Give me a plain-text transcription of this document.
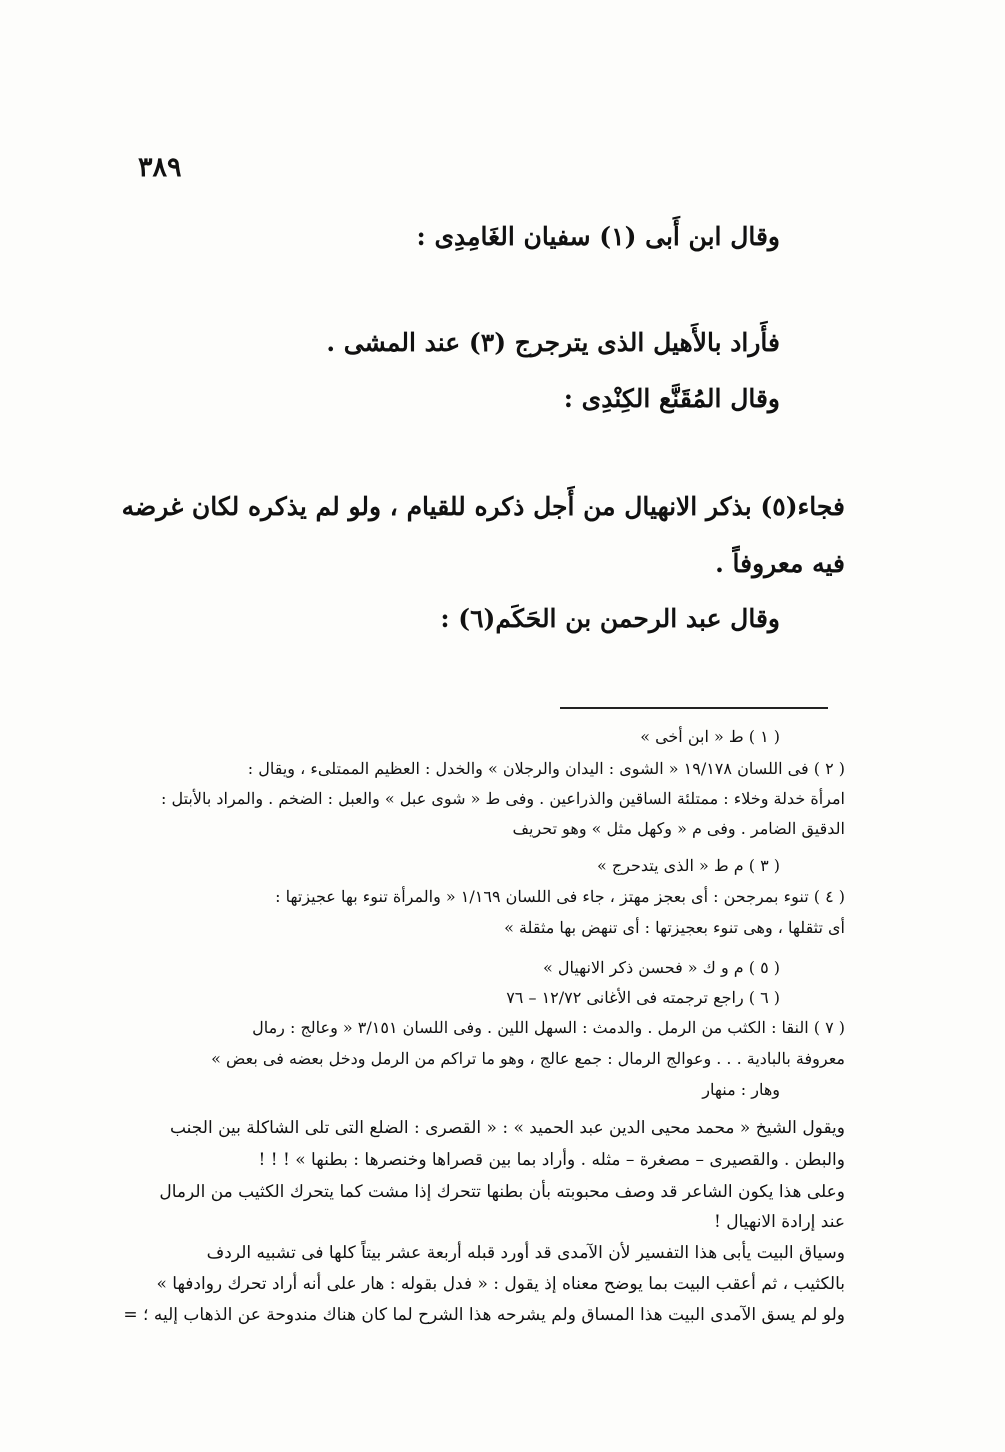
٣٨٩
وقال ابن أَبى (١) سفيان الغَامِدِى :
فأَراد بالأَهيل الذى يترجرج (٣) عند المشى .
وقال المُقَنَّع الكِنْدِى :
فجاء(٥) بذكر الانهيال من أَجل ذكره للقيام ، ولو لم يذكره لكان غرضه
فيه معروفاً .
وقال عبد الرحمن بن الحَكَم(٦) :
( ١ ) ط « ابن أخى »
( ٢ ) فى اللسان ١٩/١٧٨ « الشوى : اليدان والرجلان » والخدل : العظيم الممتلىء ، ويقال :
امرأة خدلة وخلاء : ممتلئة الساقين والذراعين . وفى ط « شوى عبل » والعبل : الضخم . والمراد بالأبتل :
الدقيق الضامر . وفى م « وكهل مثل » وهو تحريف
( ٣ ) م ط « الذى يتدحرج »
( ٤ ) تنوء بمرجحن : أى بعجز مهتز ، جاء فى اللسان ١/١٦٩ « والمرأة تنوء بها عجيزتها :
أى تثقلها ، وهى تنوء بعجيزتها : أى تنهض بها مثقلة »
( ٥ ) م و ك « فحسن ذكر الانهيال »
( ٦ ) راجع ترجمته فى الأغانى ١٢/٧٢ – ٧٦
( ٧ ) النقا : الكثب من الرمل . والدمث : السهل اللين . وفى اللسان ٣/١٥١ « وعالج : رمال
معروفة بالبادية . . . وعوالج الرمال : جمع عالج ، وهو ما تراكم من الرمل ودخل بعضه فى بعض »
وهار : منهار
ويقول الشيخ « محمد محيى الدين عبد الحميد » : « القصرى : الضلع التى تلى الشاكلة بين الجنب
والبطن . والقصيرى – مصغرة – مثله . وأراد بما بين قصراها وخنصرها : بطنها » ! ! !
وعلى هذا يكون الشاعر قد وصف محبوبته بأن بطنها تتحرك إذا مشت كما يتحرك الكثيب من الرمال
عند إرادة الانهيال !
وسياق البيت يأبى هذا التفسير لأن الآمدى قد أورد قبله أربعة عشر بيتاً كلها فى تشبيه الردف
بالكثيب ، ثم أعقب البيت بما يوضح معناه إذ يقول : « فدل بقوله : هار على أنه أراد تحرك روادفها »
ولو لم يسق الآمدى البيت هذا المساق ولم يشرحه هذا الشرح لما كان هناك مندوحة عن الذهاب إليه ؛ =
